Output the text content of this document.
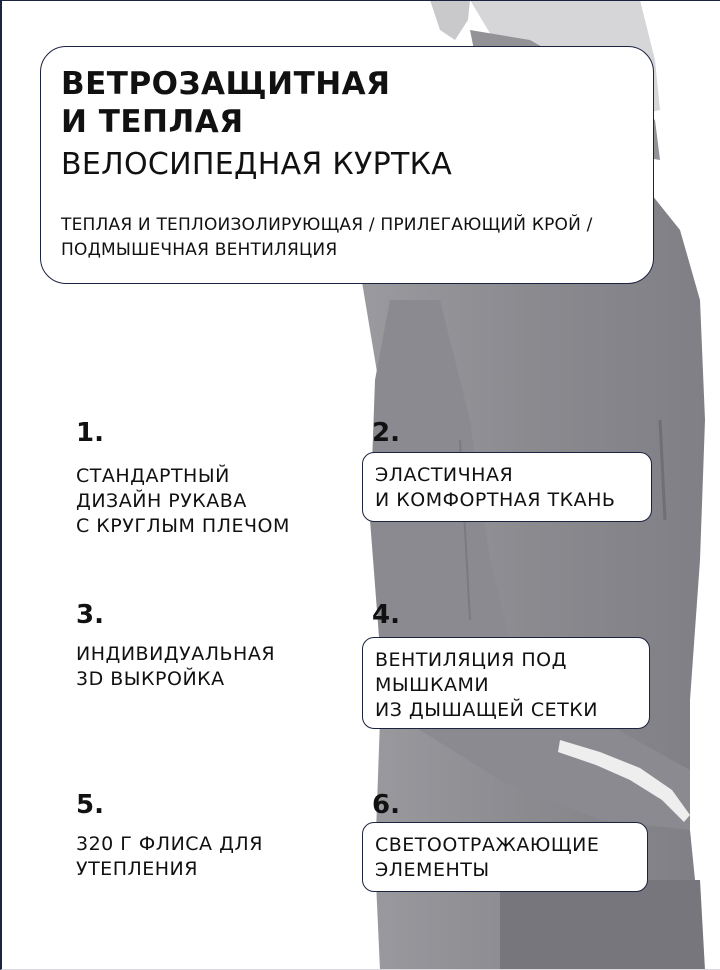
ВЕТРОЗАЩИТНАЯ
И ТЕПЛАЯ
ВЕЛОСИПЕДНАЯ КУРТКА
ТЕПЛАЯ И ТЕПЛОИЗОЛИРУЮЩАЯ / ПРИЛЕГАЮЩИЙ КРОЙ /
ПОДМЫШЕЧНАЯ ВЕНТИЛЯЦИЯ
1.
СТАНДАРТНЫЙ
ДИЗАЙН РУКАВА
С КРУГЛЫМ ПЛЕЧОМ
2.
ЭЛАСТИЧНАЯ
И КОМФОРТНАЯ ТКАНЬ
3.
ИНДИВИДУАЛЬНАЯ
3D ВЫКРОЙКА
4.
ВЕНТИЛЯЦИЯ ПОД
МЫШКАМИ
ИЗ ДЫШАЩЕЙ СЕТКИ
5.
320 Г ФЛИСА ДЛЯ
УТЕПЛЕНИЯ
6.
СВЕТООТРАЖАЮЩИЕ
ЭЛЕМЕНТЫ
